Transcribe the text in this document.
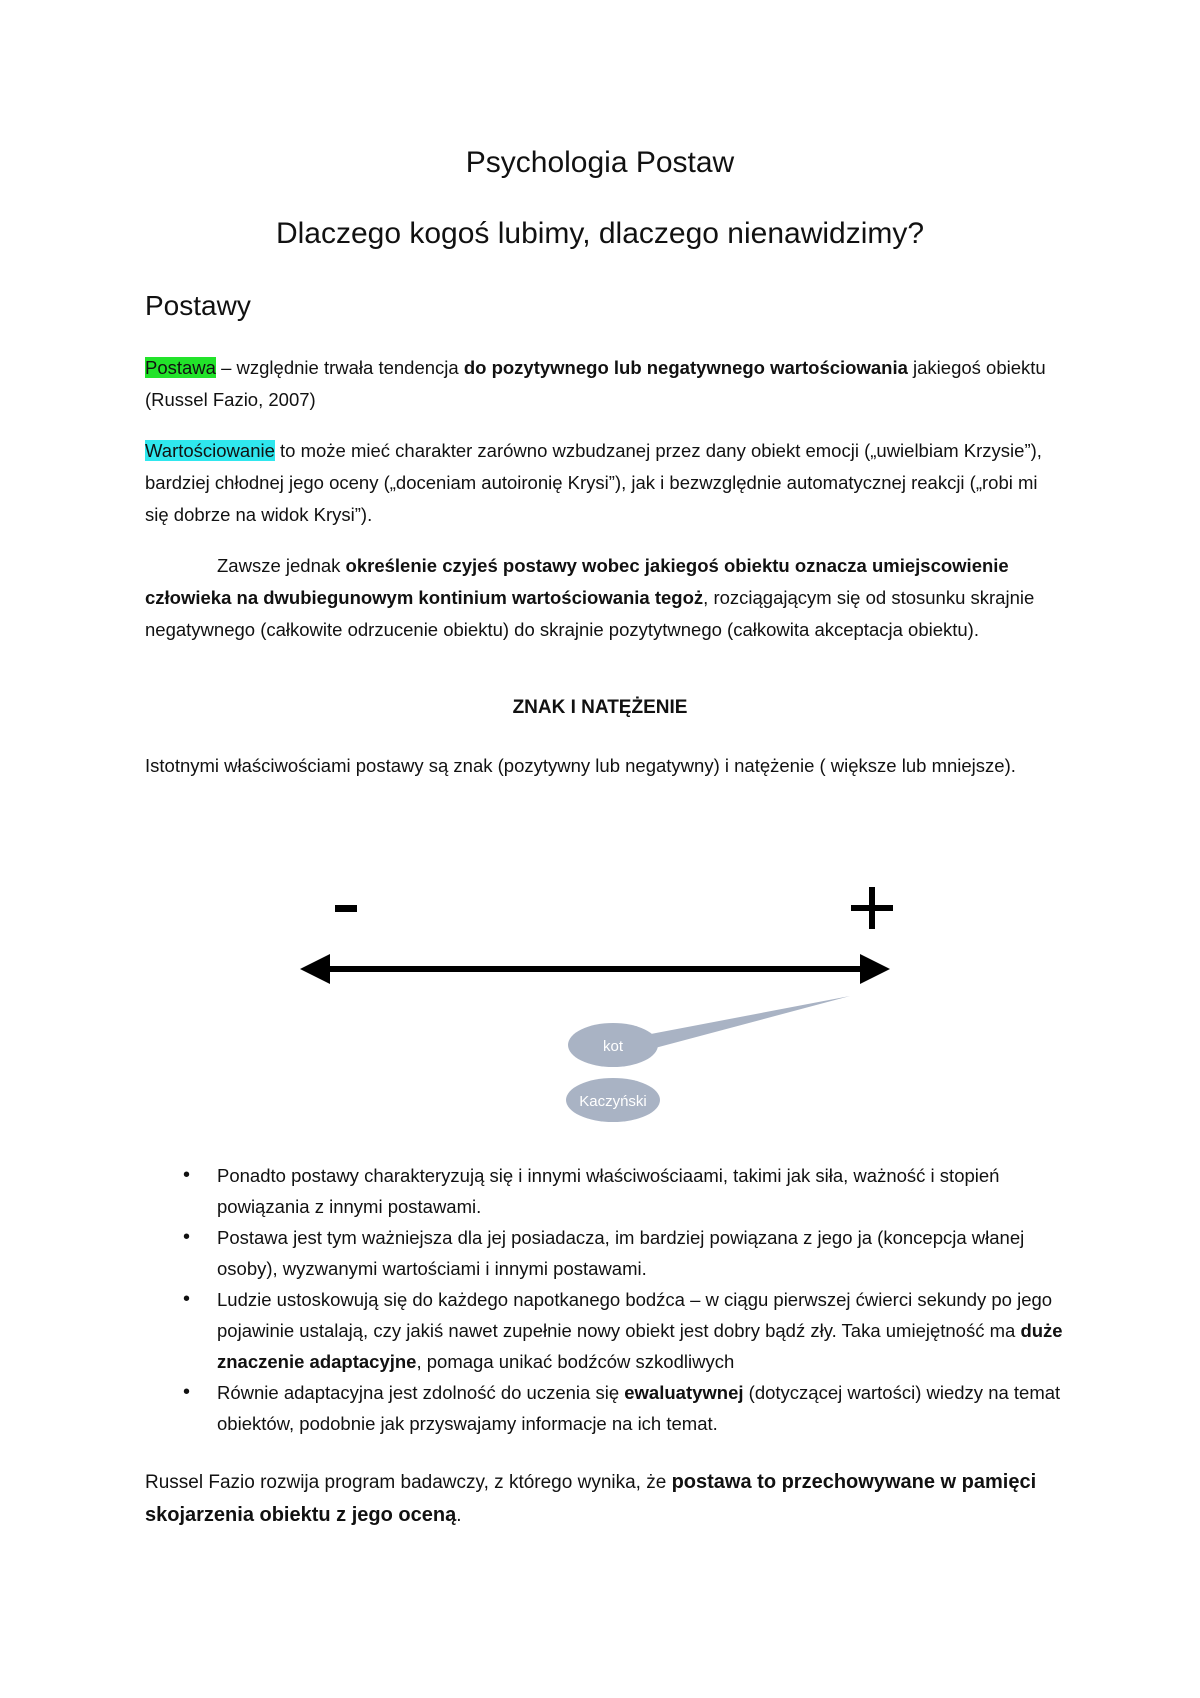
Psychologia Postaw
Dlaczego kogoś lubimy, dlaczego nienawidzimy?
Postawy

Postawa – względnie trwała tendencja do pozytywnego lub negatywnego wartościowania jakiegoś obiektu (Russel Fazio, 2007)

Wartościowanie to może mieć charakter zarówno wzbudzanej przez dany obiekt emocji („uwielbiam Krzysie”), bardziej chłodnej jego oceny („doceniam autoironię Krysi”), jak i bezwzględnie automatycznej reakcji („robi mi się dobrze na widok Krysi”).

Zawsze jednak określenie czyjeś postawy wobec jakiegoś obiektu oznacza umiejscowienie człowieka na dwubiegunowym kontinium wartościowania tegoż, rozciągającym się od stosunku skrajnie negatywnego (całkowite odrzucenie obiektu) do skrajnie pozytytwnego (całkowita akceptacja obiektu).

ZNAK I NATĘŻENIE

Istotnymi właściwościami postawy są znak (pozytywny lub negatywny) i natężenie ( większe lub mniejsze).

kot
Kaczyński
• Ponadto postawy charakteryzują się i innymi właściwościaami, takimi jak siła, ważność i stopień powiązania z innymi postawami.
• Postawa jest tym ważniejsza dla jej posiadacza, im bardziej powiązana z jego ja (koncepcja włanej osoby), wyzwanymi wartościami i innymi postawami.
• Ludzie ustoskowują się do każdego napotkanego bodźca – w ciągu pierwszej ćwierci sekundy po jego pojawinie ustalają, czy jakiś nawet zupełnie nowy obiekt jest dobry bądź zły. Taka umiejętność ma duże znaczenie adaptacyjne, pomaga unikać bodźców szkodliwych
• Równie adaptacyjna jest zdolność do uczenia się ewaluatywnej (dotyczącej wartości) wiedzy na temat obiektów, podobnie jak przyswajamy informacje na ich temat.

Russel Fazio rozwija program badawczy, z którego wynika, że postawa to przechowywane w pamięci skojarzenia obiektu z jego oceną.
